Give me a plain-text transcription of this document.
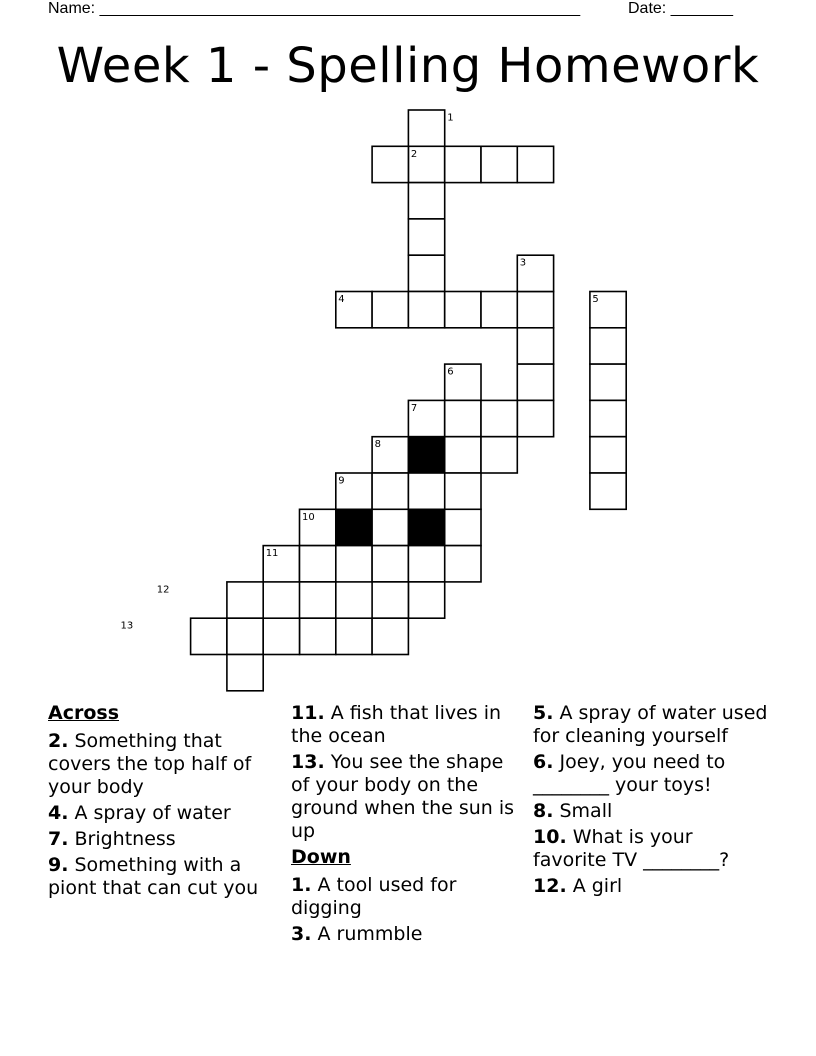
Name: ______________________________________________________	Date: _______
Week 1 - Spelling Homework
1
2
3
4	5
6
7
8
9
10
11
12
13
Across
2. Something that covers the top half of your body
4. A spray of water
7. Brightness
9. Something with a piont that can cut you
11. A fish that lives in the ocean
13. You see the shape of your body on the ground when the sun is up
Down
1. A tool used for digging
3. A rummble
5. A spray of water used for cleaning yourself
6. Joey, you need to ________ your toys!
8. Small
10. What is your favorite TV ________?
12. A girl
